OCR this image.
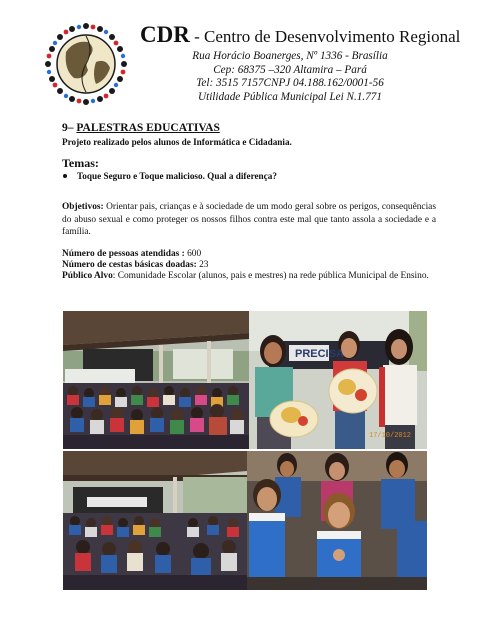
CDR - Centro de Desenvolvimento Regional
Rua Horácio Boanerges, Nº 1336 - Brasília
Cep: 68375 –320 Altamira – Pará
Tel: 3515 7157CNPJ 04.188.162/0001-56
Utilidade Pública Municipal Lei N.1.771
9– PALESTRAS EDUCATIVAS
Projeto realizado pelos alunos de Informática e Cidadania.
Temas:
Toque Seguro e Toque malicioso. Qual a diferença?
Objetivos: Orientar pais, crianças e à sociedade de um modo geral sobre os perigos, consequências do abuso sexual e como proteger os nossos filhos contra este mal que tanto assola a sociedade e a família.
Número de pessoas atendidas : 600
Número de cestas básicas doadas: 23
Público Alvo: Comunidade Escolar (alunos, pais e mestres) na rede pública Municipal de Ensino.
PRECISA
17/10/2012
